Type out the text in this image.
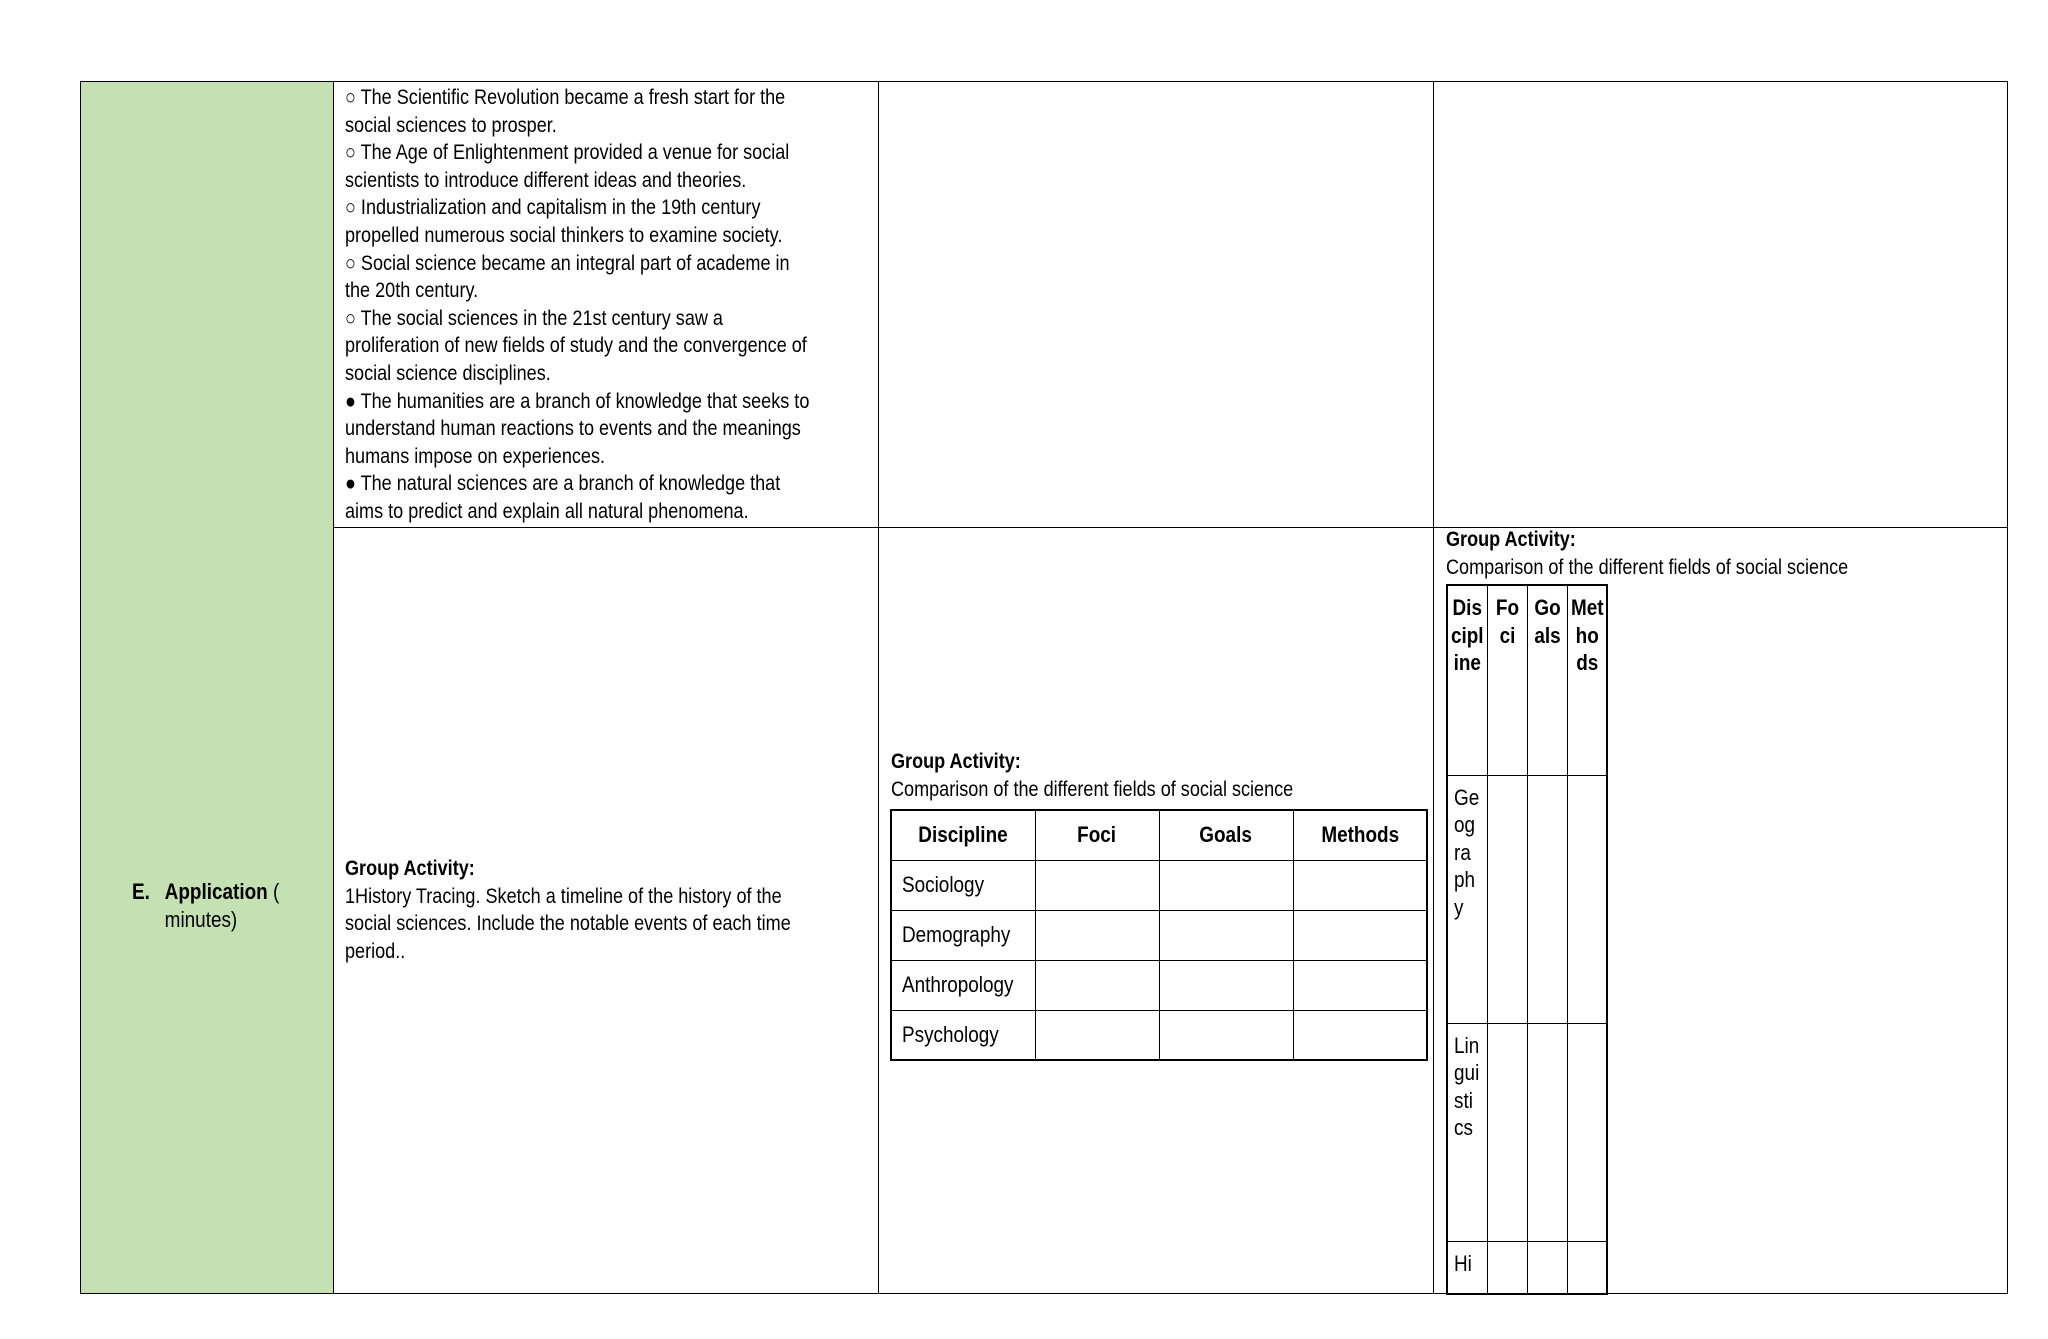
○ The Scientific Revolution became a fresh start for the
social sciences to prosper.
○ The Age of Enlightenment provided a venue for social
scientists to introduce different ideas and theories.
○ Industrialization and capitalism in the 19th century
propelled numerous social thinkers to examine society.
○ Social science became an integral part of academe in
the 20th century.
○ The social sciences in the 21st century saw a
proliferation of new fields of study and the convergence of
social science disciplines.
● The humanities are a branch of knowledge that seeks to
understand human reactions to events and the meanings
humans impose on experiences.
● The natural sciences are a branch of knowledge that
aims to predict and explain all natural phenomena.
E. Application (
minutes)
Group Activity:
1History Tracing. Sketch a timeline of the history of the
social sciences. Include the notable events of each time
period..
Group Activity:
Comparison of the different fields of social science
Discipline	Foci	Goals	Methods
Sociology			
Demography			
Anthropology			
Psychology			
Group Activity:
Comparison of the different fields of social science
Discipline	Foci	Goals	Methods

Geography			

Linguistics			

Hi			
